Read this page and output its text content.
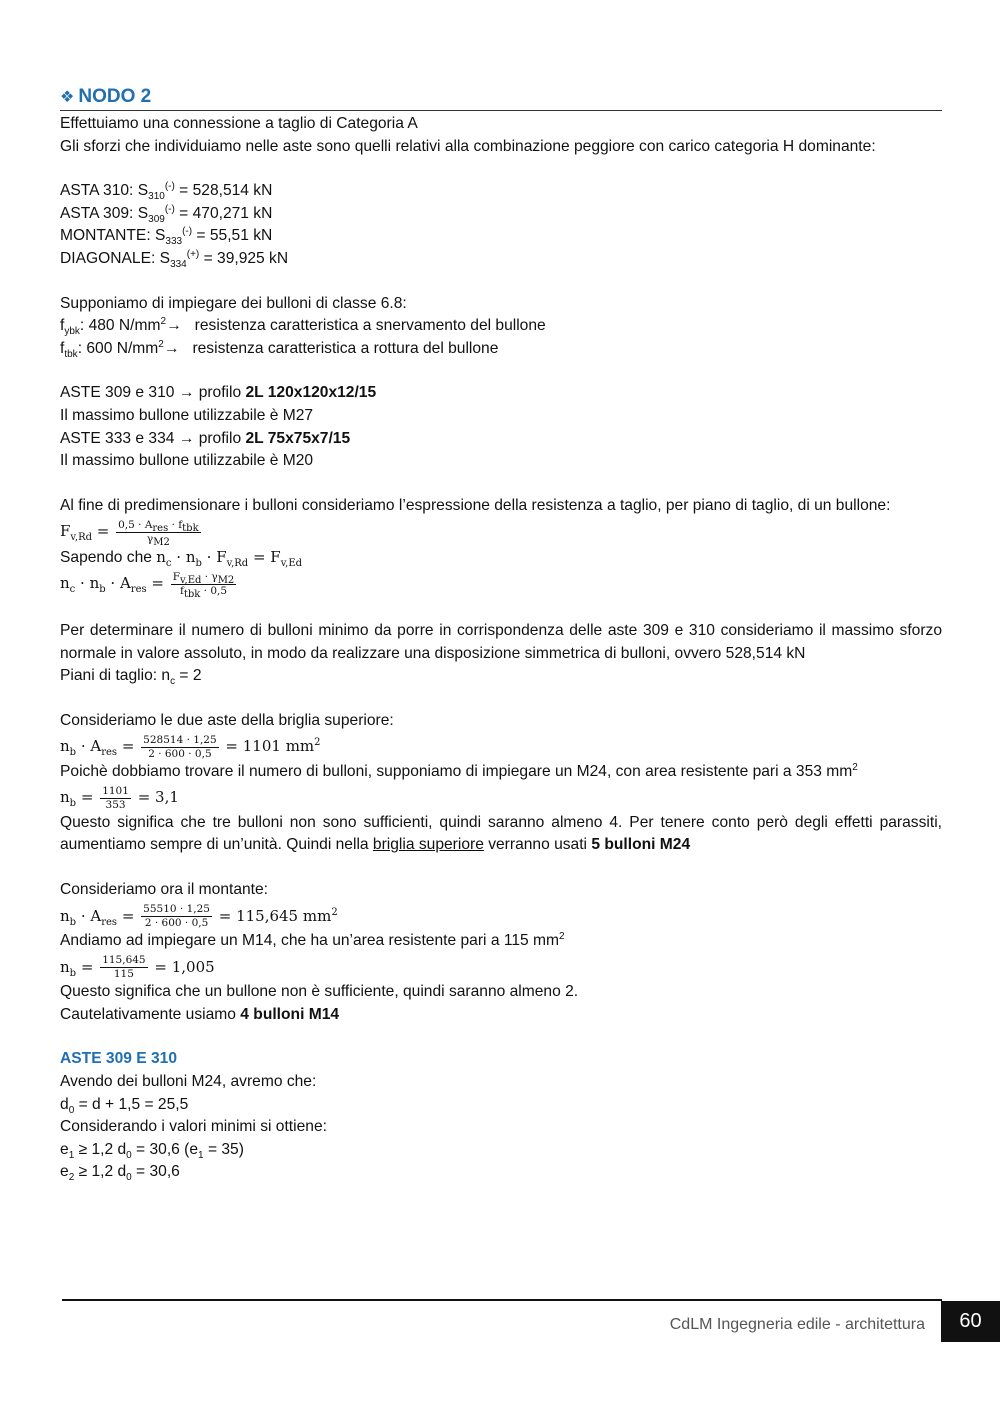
❖ NODO 2

Effettuiamo una connessione a taglio di Categoria A

Gli sforzi che individuiamo nelle aste sono quelli relativi alla combinazione peggiore con carico categoria H dominante:

ASTA 310: $S_{310}^{(-)} = 528,514$ kN

ASTA 309: $S_{309}^{(-)} = 470,271$ kN

MONTANTE: $S_{333}^{(-)} = 55,51$ kN

DIAGONALE: $S_{334}^{(+)} = 39,925$ kN

Supponiamo di impiegare dei bulloni di classe 6.8:

$f_{ybk}$: 480 $N/mm^2\to$ resistenza caratteristica a snervamento del bullone

$f_{tbk}$: 600 $N/mm^2\to$ resistenza caratteristica a rottura del bullone

ASTE 309 e 310 → profilo 2L 120x120x12/15

Il massimo bullone utilizzabile è M27

ASTE 333 e 334 → profilo 2L 75x75x7/15

Il massimo bullone utilizzabile è M20

Al fine di predimensionare i bulloni consideriamo l’espressione della resistenza a taglio, per piano di taglio, di un bullone:

$F_{v,Rd} = \frac{0,5 \cdot A_{res} \cdot f_{tbk}}{\gamma_{M2}}$

Sapendo che $n_c \cdot n_b \cdot F_{v,Rd} = F_{v,Ed}$

$n_c \cdot n_b \cdot A_{res} = \frac{F_{v,Ed} \cdot \gamma_{M2}}{f_{tbk} \cdot 0,5}$

Per determinare il numero di bulloni minimo da porre in corrispondenza delle aste 309 e 310 consideriamo il massimo sforzo normale in valore assoluto, in modo da realizzare una disposizione simmetrica di bulloni, ovvero 528,514 kN

Piani di taglio: $n_c = 2$

Consideriamo le due aste della briglia superiore:

$n_b \cdot A_{res} = \frac{528514 \cdot 1,25}{2 \cdot 600 \cdot 0,5} = 1101$ $mm^2$

Poichè dobbiamo trovare il numero di bulloni, supponiamo di impiegare un M24, con area resistente pari a 353 $mm^2$

$n_b = \frac{1101}{353} = 3,1$

Questo significa che tre bulloni non sono sufficienti, quindi saranno almeno 4. Per tenere conto però degli effetti parassiti, aumentiamo sempre di un’unità. Quindi nella briglia superiore verranno usati 5 bulloni M24

Consideriamo ora il montante:

$n_b \cdot A_{res} = \frac{55510 \cdot 1,25}{2 \cdot 600 \cdot 0,5} = 115,645$ $mm^2$

Andiamo ad impiegare un M14, che ha un’area resistente pari a 115 $mm^2$

$n_b = \frac{115,645}{115} = 1,005$

Questo significa che un bullone non è sufficiente, quindi saranno almeno 2.

Cautelativamente usiamo 4 bulloni M14

ASTE 309 E 310

Avendo dei bulloni M24, avremo che:

$d_0 = d + 1,5 = 25,5$

Considerando i valori minimi si ottiene:

$e_1 \ge 1,2$ $d_0 = 30,6$ $(e_1 = 35)$

$e_2 \ge 1,2$ $d_0 = 30,6$

CdLM Ingegneria edile - architettura	60
